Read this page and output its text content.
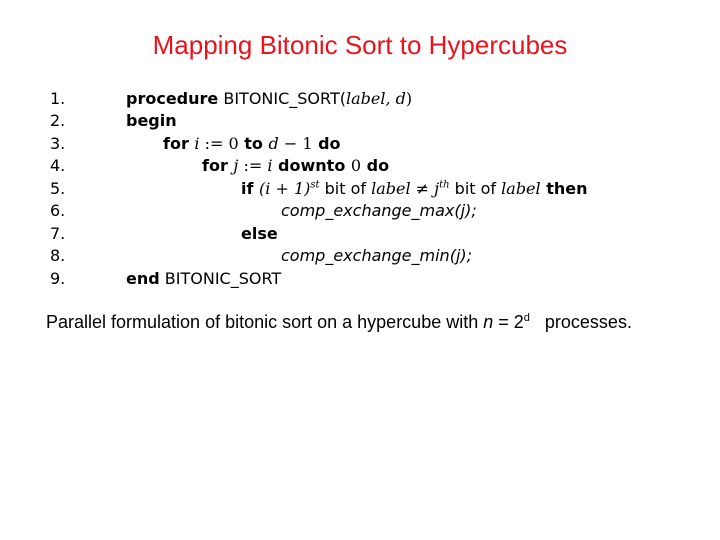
Mapping Bitonic Sort to Hypercubes
1.	procedure BITONIC_SORT(label, d)
2.	begin
3.	for i := 0 to d − 1 do
4.	for j := i downto 0 do
5.	if $(i + 1)^{st}$ bit of label ≠ $j^{th}$ bit of label then
6.	comp_exchange_max(j);
7.	else
8.	comp_exchange_min(j);
9.	end BITONIC_SORT
Parallel formulation of bitonic sort on a hypercube with $n = 2^d$   processes.
